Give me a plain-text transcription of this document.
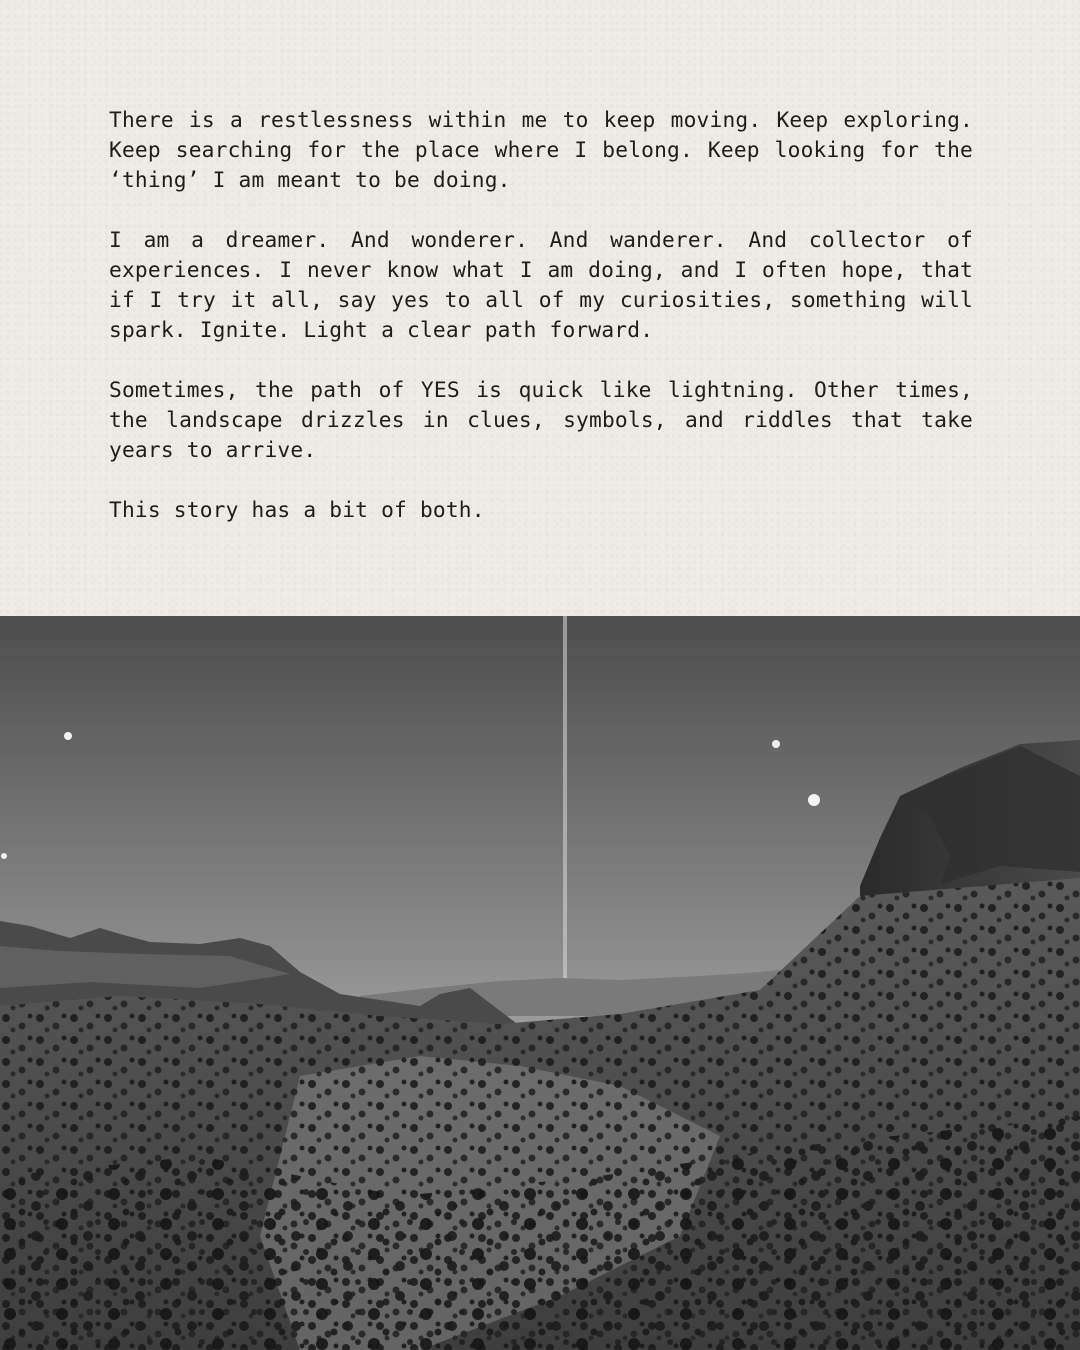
There is a restlessness within me to keep moving. Keep exploring. Keep searching for the place where I belong. Keep looking for the ‘thing’ I am meant to be doing.

I am a dreamer. And wonderer. And wanderer. And collector of experiences. I never know what I am doing, and I often hope, that if I try it all, say yes to all of my curiosities, something will spark. Ignite. Light a clear path forward.

Sometimes, the path of YES is quick like lightning. Other times, the landscape drizzles in clues, symbols, and riddles that take years to arrive.

This story has a bit of both.
